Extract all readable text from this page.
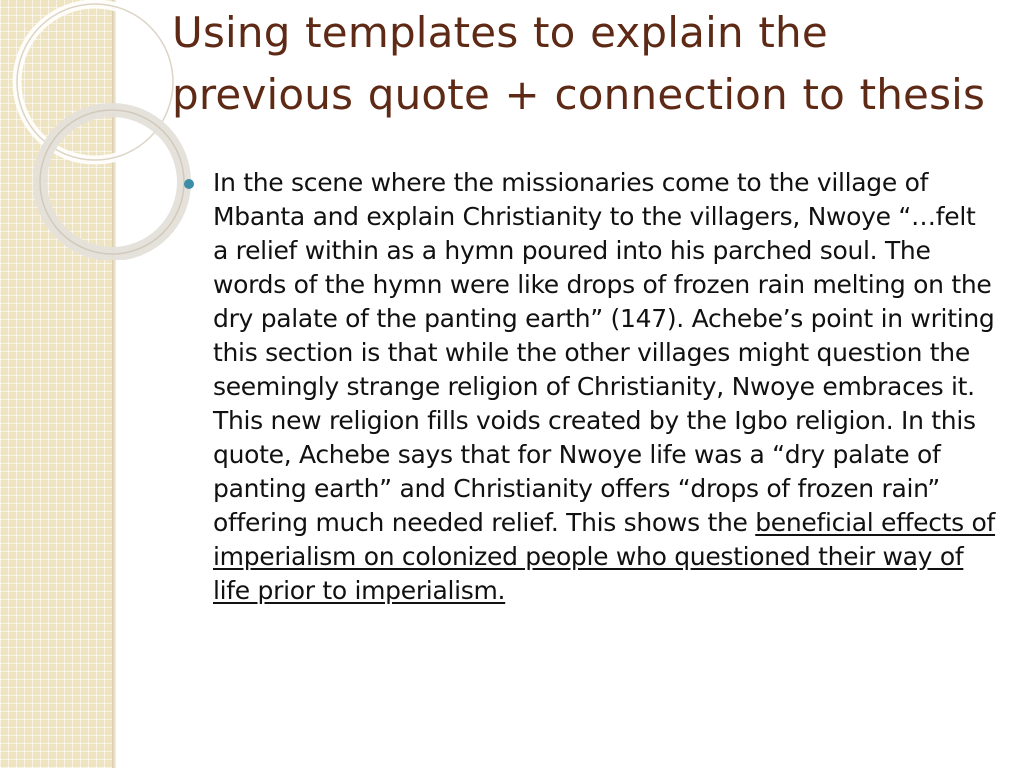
Using templates to explain the previous quote + connection to thesis

In the scene where the missionaries come to the village of Mbanta and explain Christianity to the villagers, Nwoye “…felt a relief within as a hymn poured into his parched soul. The words of the hymn were like drops of frozen rain melting on the dry palate of the panting earth” (147). Achebe’s point in writing this section is that while the other villages might question the seemingly strange religion of Christianity, Nwoye embraces it. This new religion fills voids created by the Igbo religion. In this quote, Achebe says that for Nwoye life was a “dry palate of panting earth” and Christianity offers “drops of frozen rain” offering much needed relief. This shows the beneficial effects of imperialism on colonized people who questioned their way of life prior to imperialism.
